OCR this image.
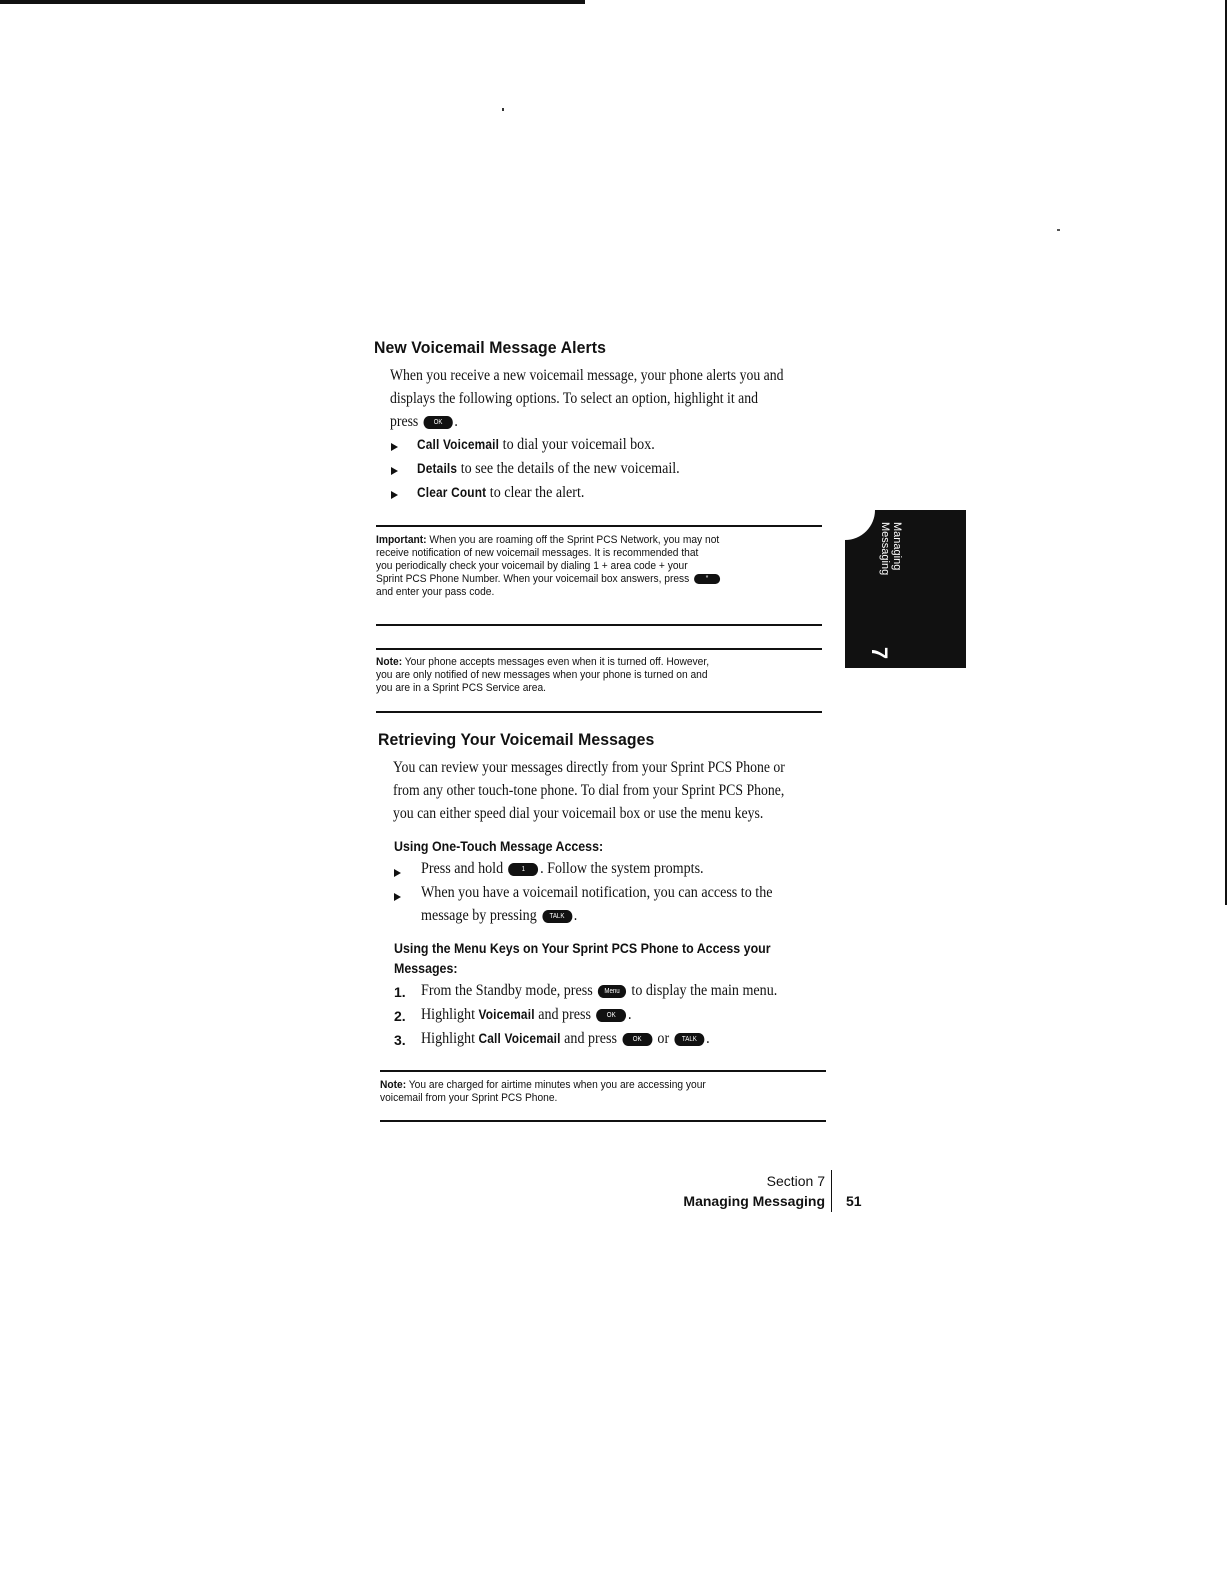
New Voicemail Message Alerts
When you receive a new voicemail message, your phone alerts you and
displays the following options. To select an option, highlight it and
press OK .
Call Voicemail to dial your voicemail box.
Details to see the details of the new voicemail.
Clear Count to clear the alert.
Important: When you are roaming off the Sprint PCS Network, you may not
receive notification of new voicemail messages. It is recommended that
you periodically check your voicemail by dialing 1 + area code + your
Sprint PCS Phone Number. When your voicemail box answers, press *
and enter your pass code.
Note: Your phone accepts messages even when it is turned off. However,
you are only notified of new messages when your phone is turned on and
you are in a Sprint PCS Service area.
Retrieving Your Voicemail Messages
You can review your messages directly from your Sprint PCS Phone or
from any other touch-tone phone. To dial from your Sprint PCS Phone,
you can either speed dial your voicemail box or use the menu keys.
Using One-Touch Message Access:
Press and hold	1 . Follow the system prompts.
When you have a voicemail notification, you can access to the
message by pressing TALK .
Using the Menu Keys on Your Sprint PCS Phone to Access your
Messages:
1. From the Standby mode, press Menu to display the main menu.
2. Highlight Voicemail and press OK .
3. Highlight Call Voicemail and press OK or TALK .
Note: You are charged for airtime minutes when you are accessing your
voicemail from your Sprint PCS Phone.
Managing
Messaging
7
Section 7
Managing Messaging 51
